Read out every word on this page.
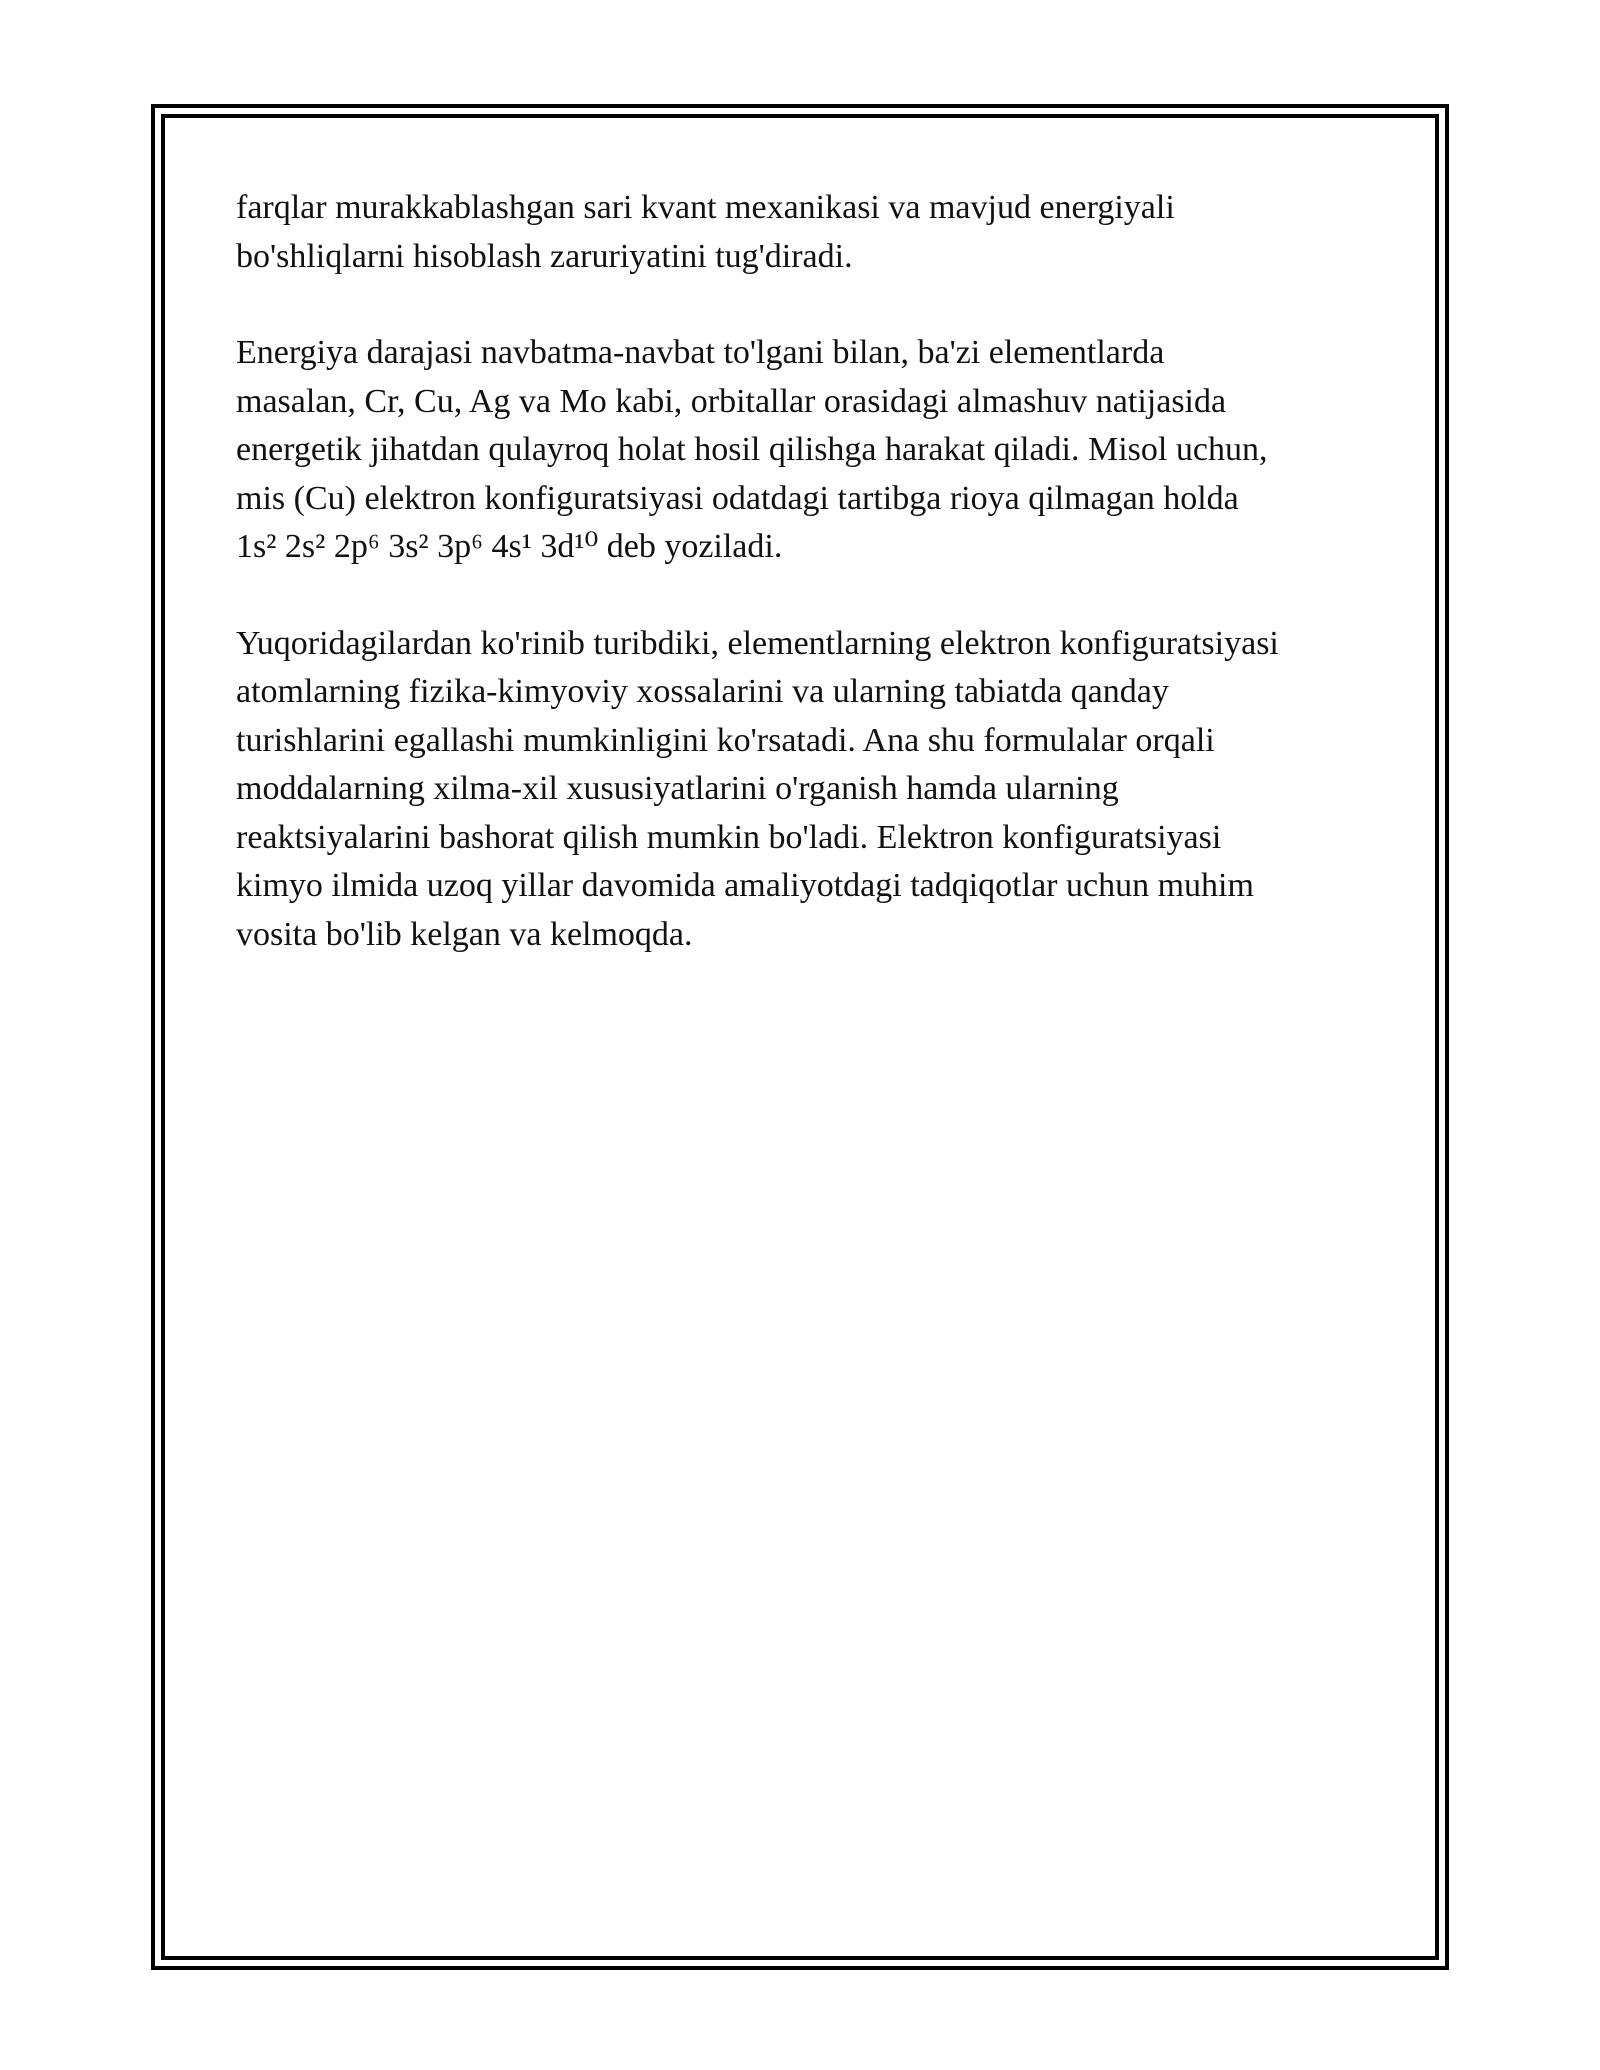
farqlar murakkablashgan sari kvant mexanikasi va mavjud energiyali
bo'shliqlarni hisoblash zaruriyatini tug'diradi.

Energiya darajasi navbatma-navbat to'lgani bilan, ba'zi elementlarda
masalan, Cr, Cu, Ag va Mo kabi, orbitallar orasidagi almashuv natijasida
energetik jihatdan qulayroq holat hosil qilishga harakat qiladi. Misol uchun,
mis (Cu) elektron konfiguratsiyasi odatdagi tartibga rioya qilmagan holda
1s² 2s² 2p⁶ 3s² 3p⁶ 4s¹ 3d¹⁰ deb yoziladi.

Yuqoridagilardan ko'rinib turibdiki, elementlarning elektron konfiguratsiyasi
atomlarning fizika-kimyoviy xossalarini va ularning tabiatda qanday
turishlarini egallashi mumkinligini ko'rsatadi. Ana shu formulalar orqali
moddalarning xilma-xil xususiyatlarini o'rganish hamda ularning
reaktsiyalarini bashorat qilish mumkin bo'ladi. Elektron konfiguratsiyasi
kimyo ilmida uzoq yillar davomida amaliyotdagi tadqiqotlar uchun muhim
vosita bo'lib kelgan va kelmoqda.
